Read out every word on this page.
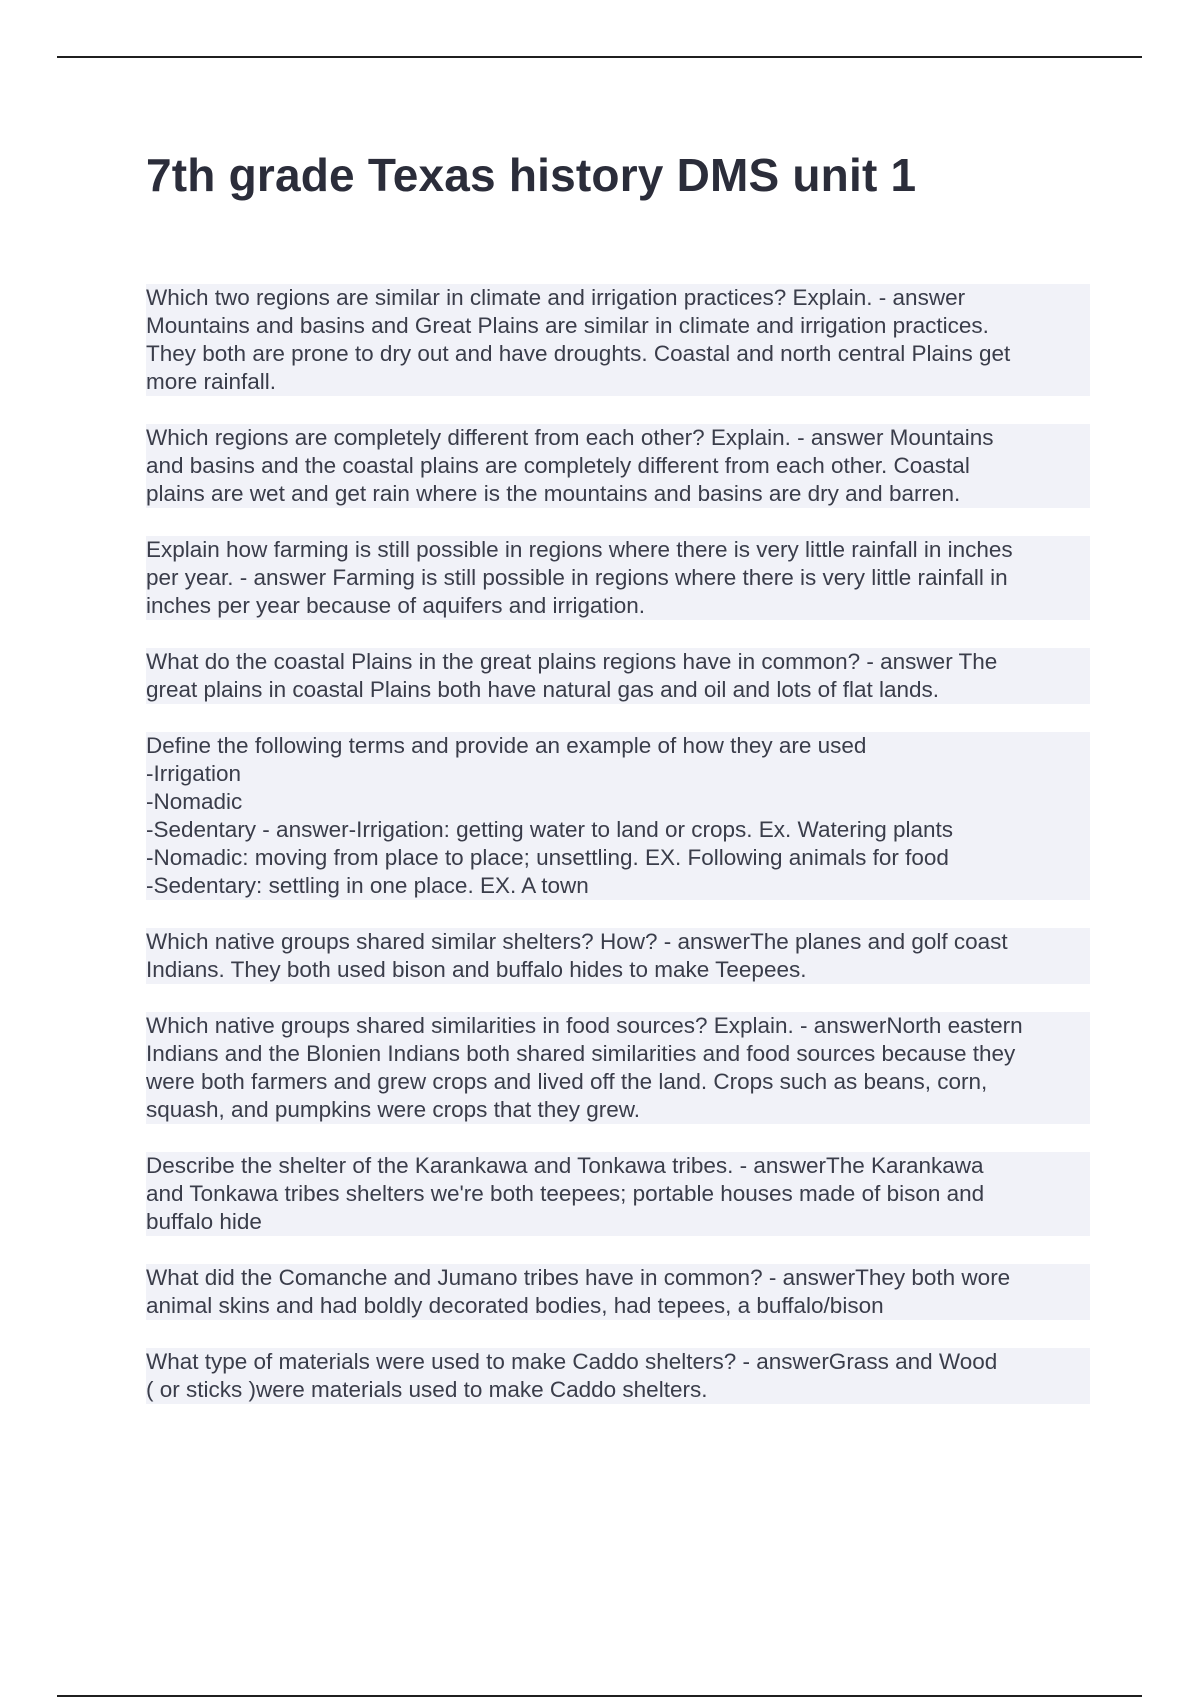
7th grade Texas history DMS unit 1
Which two regions are similar in climate and irrigation practices? Explain. - answer
Mountains and basins and Great Plains are similar in climate and irrigation practices.
They both are prone to dry out and have droughts. Coastal and north central Plains get
more rainfall.
Which regions are completely different from each other? Explain. - answer Mountains
and basins and the coastal plains are completely different from each other. Coastal
plains are wet and get rain where is the mountains and basins are dry and barren.
Explain how farming is still possible in regions where there is very little rainfall in inches
per year. - answer Farming is still possible in regions where there is very little rainfall in
inches per year because of aquifers and irrigation.
What do the coastal Plains in the great plains regions have in common? - answer The
great plains in coastal Plains both have natural gas and oil and lots of flat lands.
Define the following terms and provide an example of how they are used
-Irrigation
-Nomadic
-Sedentary - answer-Irrigation: getting water to land or crops. Ex. Watering plants
-Nomadic: moving from place to place; unsettling. EX. Following animals for food
-Sedentary: settling in one place. EX. A town
Which native groups shared similar shelters? How? - answerThe planes and golf coast
Indians. They both used bison and buffalo hides to make Teepees.
Which native groups shared similarities in food sources? Explain. - answerNorth eastern
Indians and the Blonien Indians both shared similarities and food sources because they
were both farmers and grew crops and lived off the land. Crops such as beans, corn,
squash, and pumpkins were crops that they grew.
Describe the shelter of the Karankawa and Tonkawa tribes. - answerThe Karankawa
and Tonkawa tribes shelters we're both teepees; portable houses made of bison and
buffalo hide
What did the Comanche and Jumano tribes have in common? - answerThey both wore
animal skins and had boldly decorated bodies, had tepees, a buffalo/bison
What type of materials were used to make Caddo shelters? - answerGrass and Wood
( or sticks )were materials used to make Caddo shelters.
